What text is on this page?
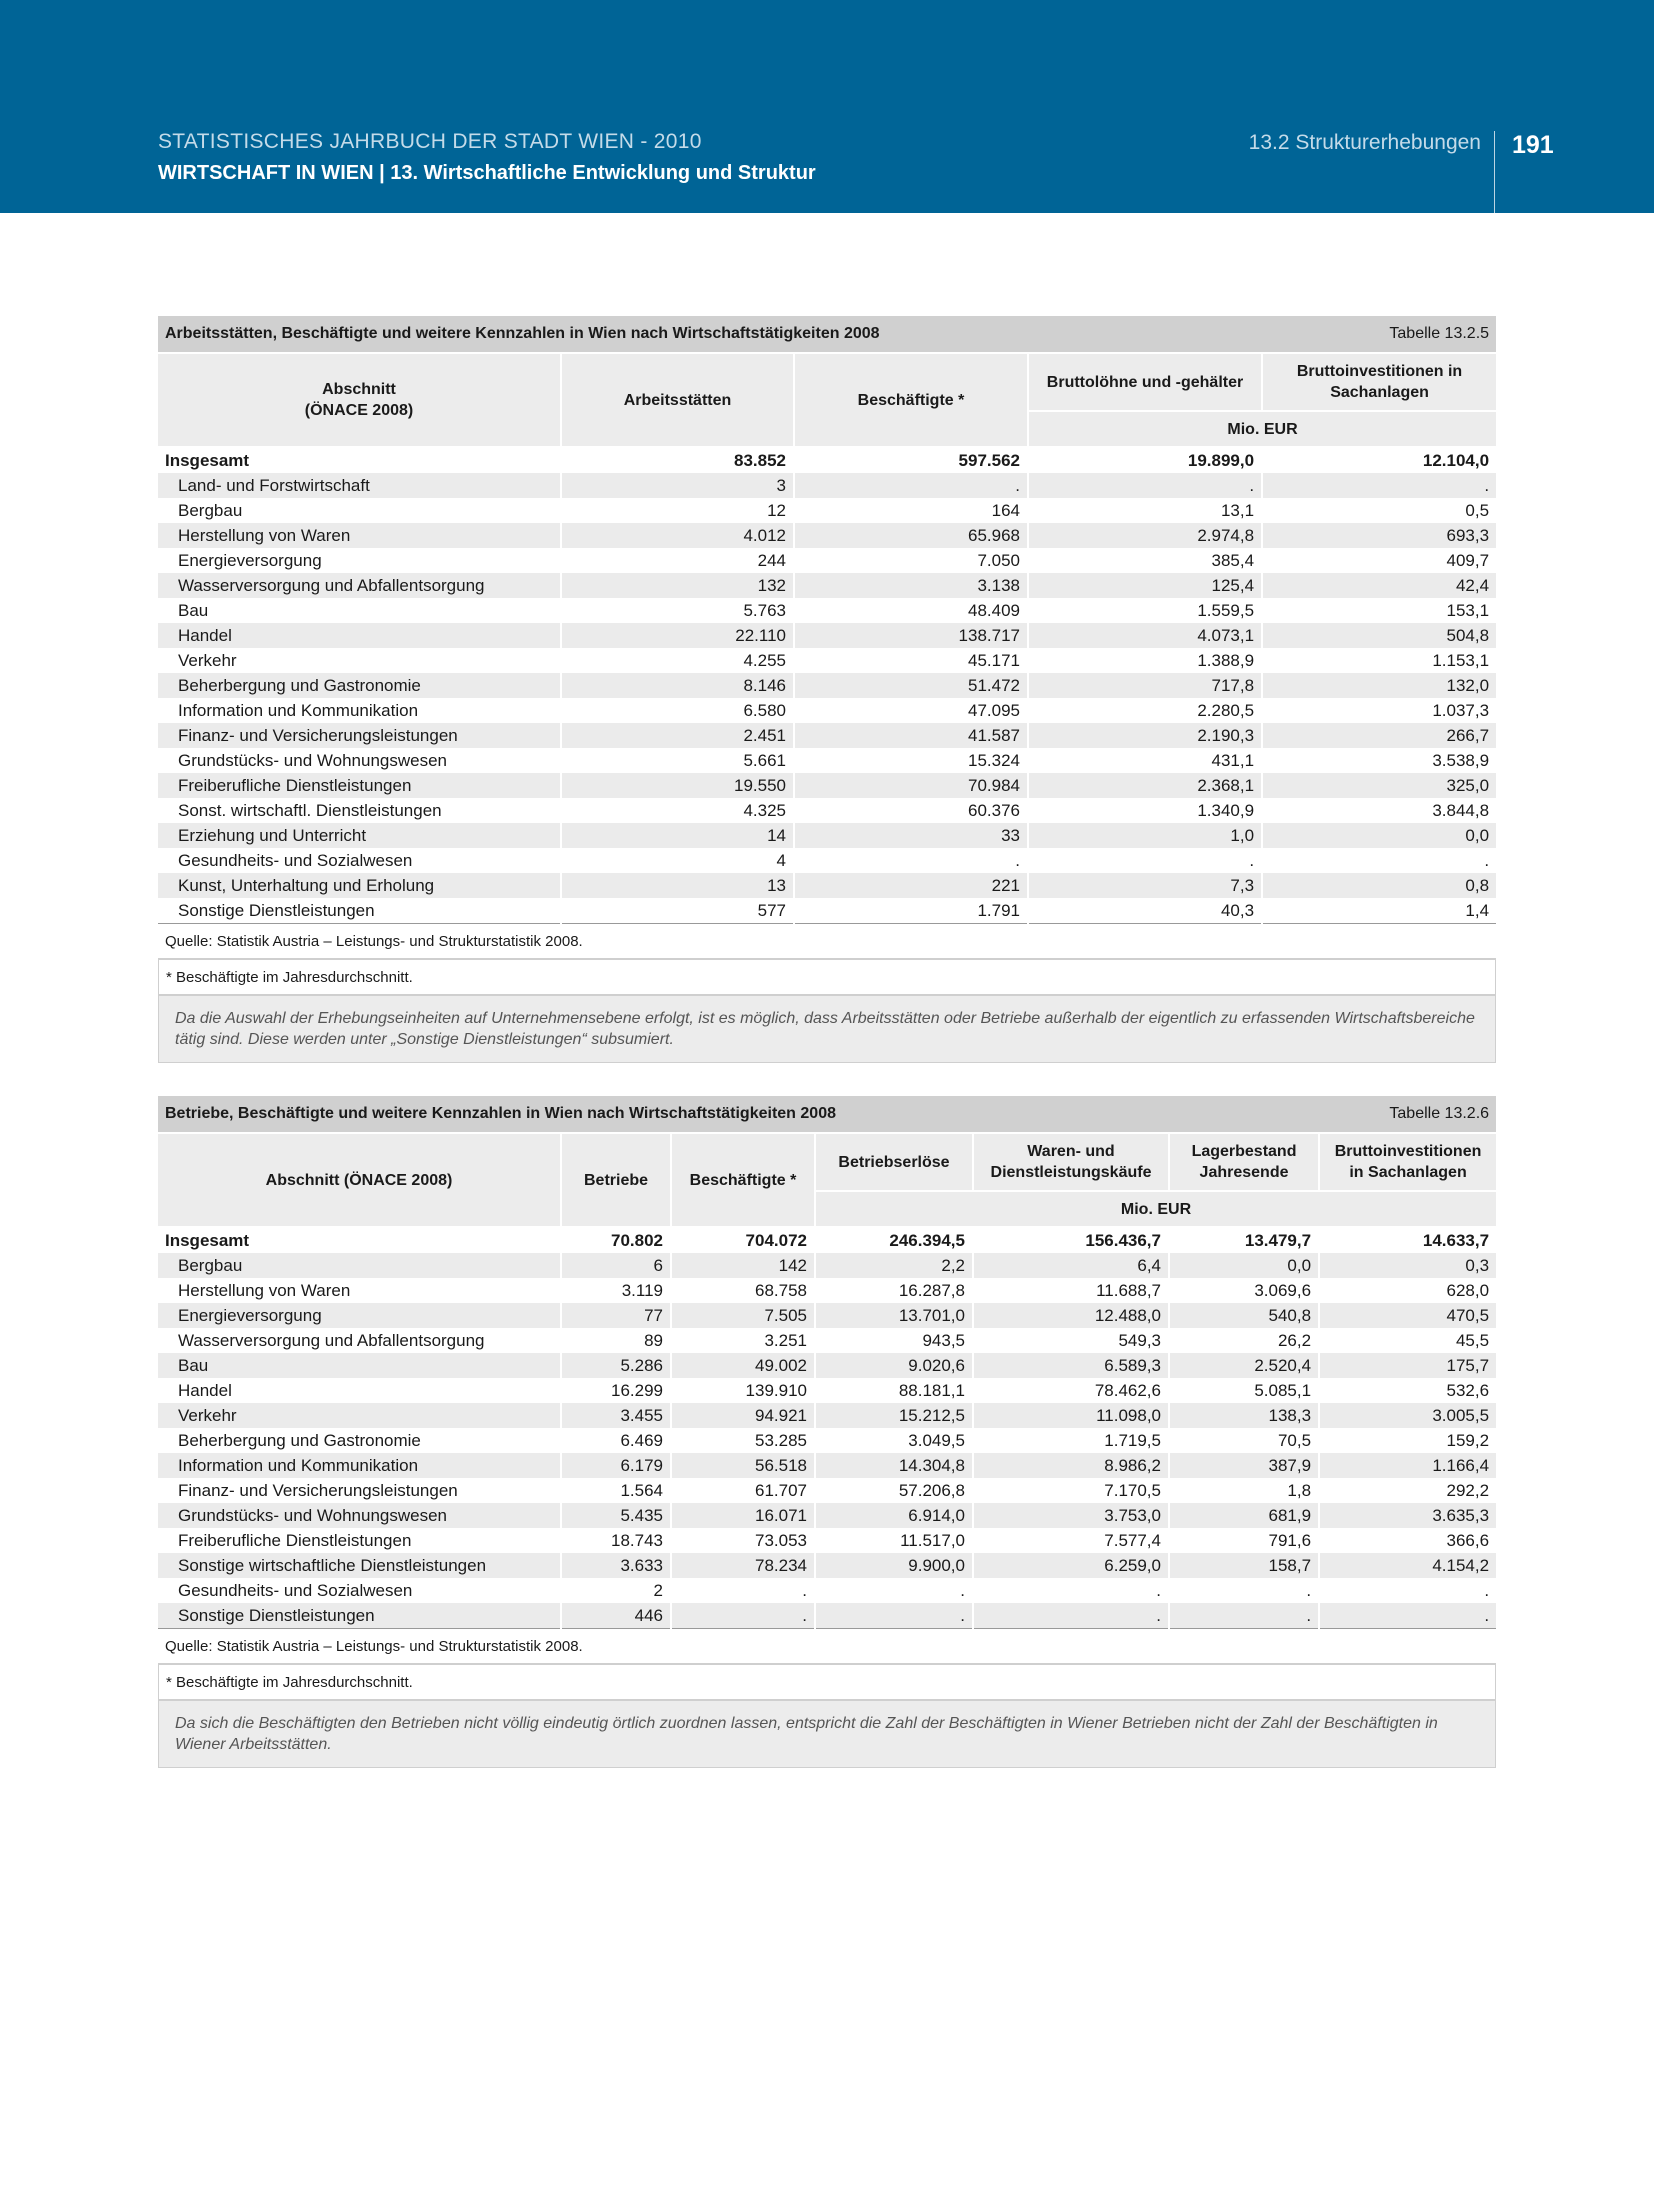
STATISTISCHES JAHRBUCH DER STADT WIEN - 2010
WIRTSCHAFT IN WIEN | 13. Wirtschaftliche Entwicklung und Struktur
13.2 Strukturerhebungen 191
Arbeitsstätten, Beschäftigte und weitere Kennzahlen in Wien nach Wirtschaftstätigkeiten 2008				Tabelle 13.2.5
Abschnitt
(ÖNACE 2008)	Arbeitsstätten	Beschäftigte *	Bruttolöhne und -gehälter	Bruttoinvestitionen in Sachanlagen
			Mio. EUR	
Insgesamt	83.852	597.562	19.899,0	12.104,0
Land- und Forstwirtschaft	3	.	.	.
Bergbau	12	164	13,1	0,5
Herstellung von Waren	4.012	65.968	2.974,8	693,3
Energieversorgung	244	7.050	385,4	409,7
Wasserversorgung und Abfallentsorgung	132	3.138	125,4	42,4
Bau	5.763	48.409	1.559,5	153,1
Handel	22.110	138.717	4.073,1	504,8
Verkehr	4.255	45.171	1.388,9	1.153,1
Beherbergung und Gastronomie	8.146	51.472	717,8	132,0
Information und Kommunikation	6.580	47.095	2.280,5	1.037,3
Finanz- und Versicherungsleistungen	2.451	41.587	2.190,3	266,7
Grundstücks- und Wohnungswesen	5.661	15.324	431,1	3.538,9
Freiberufliche Dienstleistungen	19.550	70.984	2.368,1	325,0
Sonst. wirtschaftl. Dienstleistungen	4.325	60.376	1.340,9	3.844,8
Erziehung und Unterricht	14	33	1,0	0,0
Gesundheits- und Sozialwesen	4	.	.	.
Kunst, Unterhaltung und Erholung	13	221	7,3	0,8
Sonstige Dienstleistungen	577	1.791	40,3	1,4
Quelle: Statistik Austria – Leistungs- und Strukturstatistik 2008.
* Beschäftigte im Jahresdurchschnitt.
Da die Auswahl der Erhebungseinheiten auf Unternehmensebene erfolgt, ist es möglich, dass Arbeitsstätten oder Betriebe außerhalb der eigentlich zu erfassenden Wirtschaftsbereiche tätig sind. Diese werden unter „Sonstige Dienstleistungen“ subsumiert.
Betriebe, Beschäftigte und weitere Kennzahlen in Wien nach Wirtschaftstätigkeiten 2008						Tabelle 13.2.6
Abschnitt (ÖNACE 2008)	Betriebe	Beschäftigte *	Betriebserlöse	Waren- und Dienstleistungskäufe	Lagerbestand Jahresende	Bruttoinvestitionen in Sachanlagen
			Mio. EUR			
Insgesamt	70.802	704.072	246.394,5	156.436,7	13.479,7	14.633,7
Bergbau	6	142	2,2	6,4	0,0	0,3
Herstellung von Waren	3.119	68.758	16.287,8	11.688,7	3.069,6	628,0
Energieversorgung	77	7.505	13.701,0	12.488,0	540,8	470,5
Wasserversorgung und Abfallentsorgung	89	3.251	943,5	549,3	26,2	45,5
Bau	5.286	49.002	9.020,6	6.589,3	2.520,4	175,7
Handel	16.299	139.910	88.181,1	78.462,6	5.085,1	532,6
Verkehr	3.455	94.921	15.212,5	11.098,0	138,3	3.005,5
Beherbergung und Gastronomie	6.469	53.285	3.049,5	1.719,5	70,5	159,2
Information und Kommunikation	6.179	56.518	14.304,8	8.986,2	387,9	1.166,4
Finanz- und Versicherungsleistungen	1.564	61.707	57.206,8	7.170,5	1,8	292,2
Grundstücks- und Wohnungswesen	5.435	16.071	6.914,0	3.753,0	681,9	3.635,3
Freiberufliche Dienstleistungen	18.743	73.053	11.517,0	7.577,4	791,6	366,6
Sonstige wirtschaftliche Dienstleistungen	3.633	78.234	9.900,0	6.259,0	158,7	4.154,2
Gesundheits- und Sozialwesen	2	.	.	.	.	.
Sonstige Dienstleistungen	446	.	.	.	.	.
Quelle: Statistik Austria – Leistungs- und Strukturstatistik 2008.
* Beschäftigte im Jahresdurchschnitt.
Da sich die Beschäftigten den Betrieben nicht völlig eindeutig örtlich zuordnen lassen, entspricht die Zahl der Beschäftigten in Wiener Betrieben nicht der Zahl der Beschäftigten in Wiener Arbeitsstätten.
